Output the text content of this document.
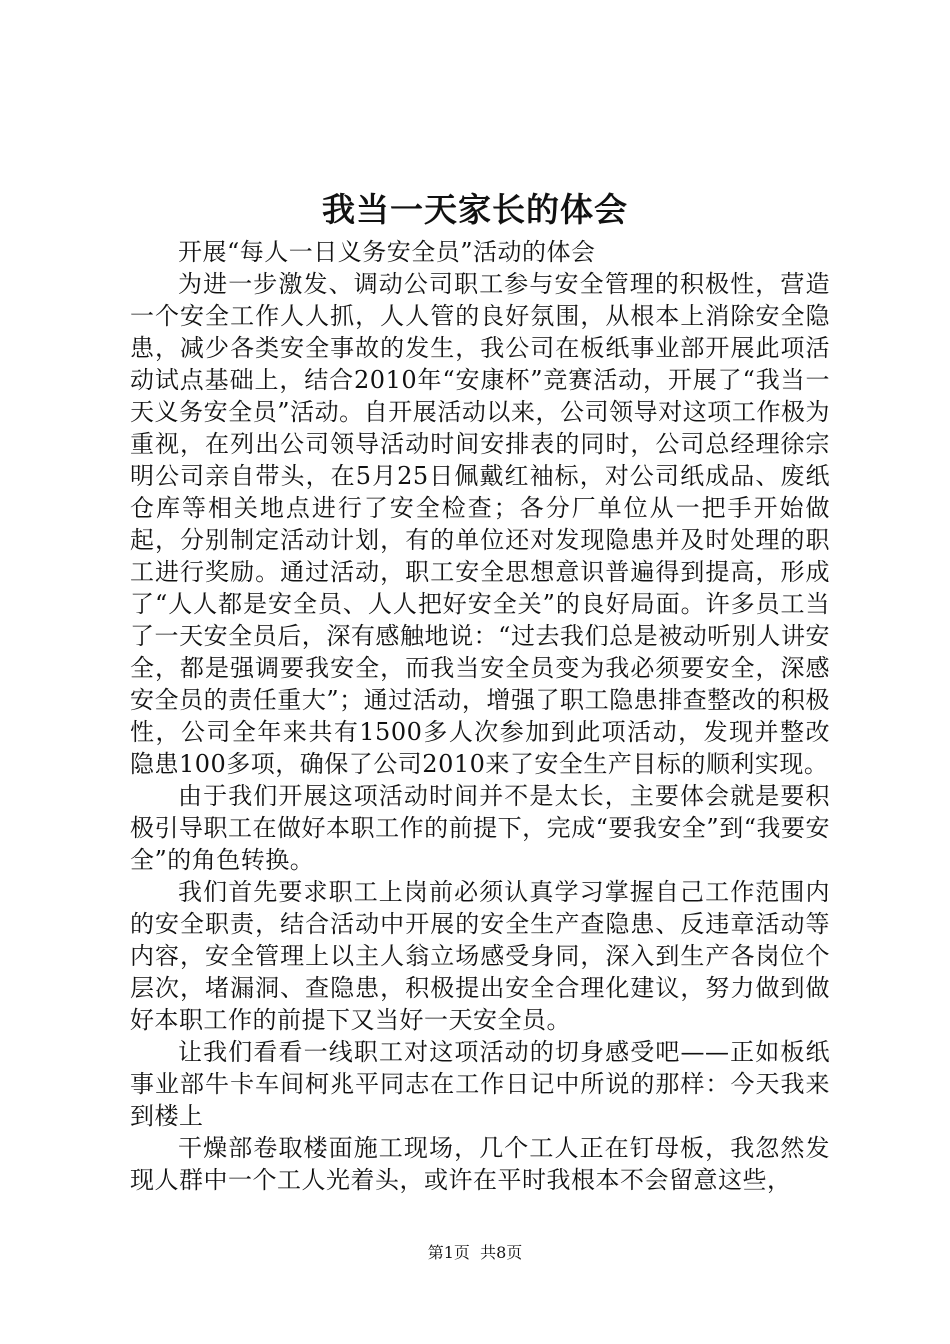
我当一天家长的体会

开展“每人一日义务安全员”活动的体会

为进一步激发、调动公司职工参与安全管理的积极性，营造一个安全工作人人抓，人人管的良好氛围，从根本上消除安全隐患，减少各类安全事故的发生，我公司在板纸事业部开展此项活动试点基础上，结合2010年“安康杯”竞赛活动，开展了“我当一天义务安全员”活动。自开展活动以来，公司领导对这项工作极为重视，在列出公司领导活动时间安排表的同时，公司总经理徐宗明公司亲自带头，在5月25日佩戴红袖标，对公司纸成品、废纸仓库等相关地点进行了安全检查；各分厂单位从一把手开始做起，分别制定活动计划，有的单位还对发现隐患并及时处理的职工进行奖励。通过活动，职工安全思想意识普遍得到提高，形成了“人人都是安全员、人人把好安全关”的良好局面。许多员工当了一天安全员后，深有感触地说：“过去我们总是被动听别人讲安全，都是强调要我安全，而我当安全员变为我必须要安全，深感安全员的责任重大”；通过活动，增强了职工隐患排查整改的积极性，公司全年来共有1500多人次参加到此项活动，发现并整改隐患100多项，确保了公司2010来了安全生产目标的顺利实现。

由于我们开展这项活动时间并不是太长，主要体会就是要积极引导职工在做好本职工作的前提下，完成“要我安全”到“我要安全”的角色转换。

我们首先要求职工上岗前必须认真学习掌握自己工作范围内的安全职责，结合活动中开展的安全生产查隐患、反违章活动等内容，安全管理上以主人翁立场感受身同，深入到生产各岗位个层次，堵漏洞、查隐患，积极提出安全合理化建议，努力做到做好本职工作的前提下又当好一天安全员。

让我们看看一线职工对这项活动的切身感受吧——正如板纸事业部牛卡车间柯兆平同志在工作日记中所说的那样：今天我来到楼上

干燥部卷取楼面施工现场，几个工人正在钉母板，我忽然发现人群中一个工人光着头，或许在平时我根本不会留意这些，

第1页  共8页
